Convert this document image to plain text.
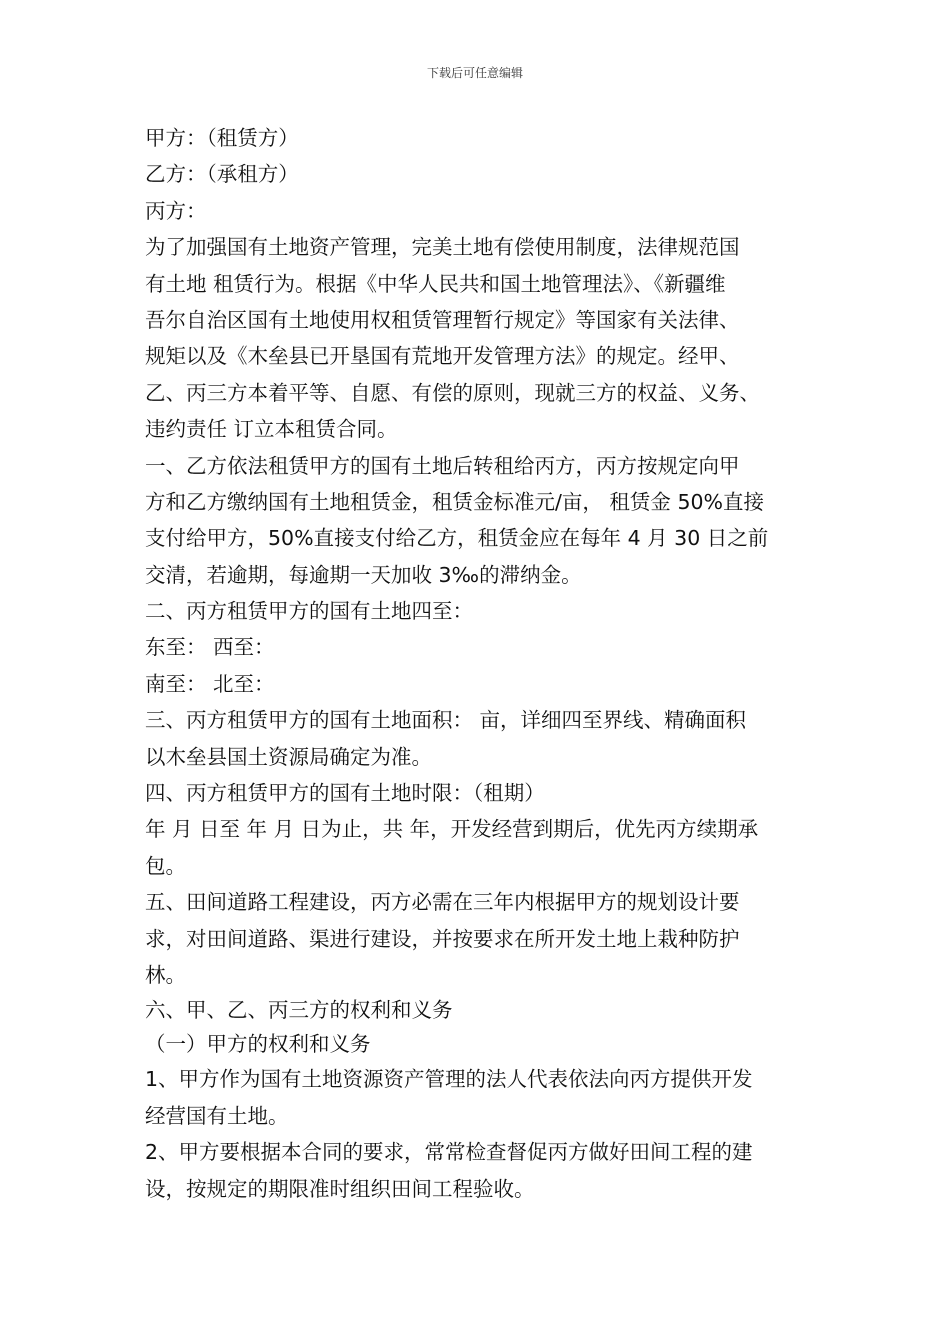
下载后可任意编辑
甲方：（租赁方）
乙方：（承租方）
丙方：
为了加强国有土地资产管理，完美土地有偿使用制度，法律规范国
有土地 租赁行为。根据《中华人民共和国土地管理法》、《新疆维
吾尔自治区国有土地使用权租赁管理暂行规定》等国家有关法律、
规矩以及《木垒县已开垦国有荒地开发管理方法》的规定。经甲、
乙、丙三方本着平等、自愿、有偿的原则，现就三方的权益、义务、
违约责任 订立本租赁合同。
一、乙方依法租赁甲方的国有土地后转租给丙方，丙方按规定向甲
方和乙方缴纳国有土地租赁金，租赁金标准元/亩， 租赁金 50%直接
支付给甲方，50%直接支付给乙方，租赁金应在每年 4 月 30 日之前
交清，若逾期，每逾期一天加收 3‰的滞纳金。
二、丙方租赁甲方的国有土地四至：
东至： 西至：
南至： 北至：
三、丙方租赁甲方的国有土地面积： 亩，详细四至界线、精确面积
以木垒县国土资源局确定为准。
四、丙方租赁甲方的国有土地时限：（租期）
年 月 日至 年 月 日为止，共 年，开发经营到期后，优先丙方续期承
包。
五、田间道路工程建设，丙方必需在三年内根据甲方的规划设计要
求，对田间道路、渠进行建设，并按要求在所开发土地上栽种防护
林。
六、甲、乙、丙三方的权利和义务
（一）甲方的权利和义务
1、甲方作为国有土地资源资产管理的法人代表依法向丙方提供开发
经营国有土地。
2、甲方要根据本合同的要求，常常检查督促丙方做好田间工程的建
设，按规定的期限准时组织田间工程验收。
